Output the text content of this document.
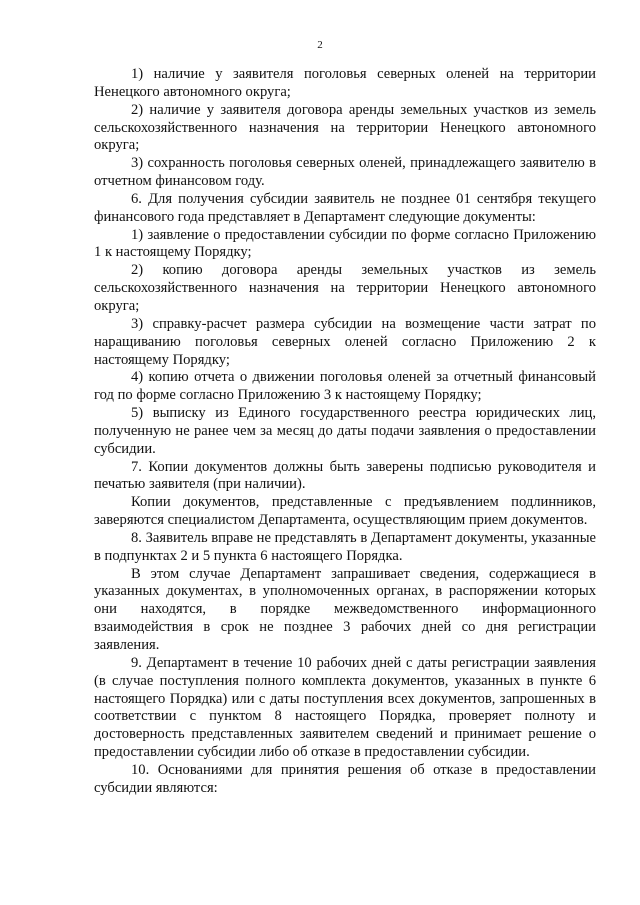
2

1) наличие у заявителя поголовья северных оленей на территории Ненецкого автономного округа;

2) наличие у заявителя договора аренды земельных участков из земель сельскохозяйственного назначения на территории Ненецкого автономного округа;

3) сохранность поголовья северных оленей, принадлежащего заявителю в отчетном финансовом году.

6. Для получения субсидии заявитель не позднее 01 сентября текущего финансового года представляет в Департамент следующие документы:

1) заявление о предоставлении субсидии по форме согласно Приложению 1 к настоящему Порядку;

2) копию договора аренды земельных участков из земель сельскохозяйственного назначения на территории Ненецкого автономного округа;

3) справку-расчет размера субсидии на возмещение части затрат по наращиванию поголовья северных оленей согласно Приложению 2 к настоящему Порядку;

4) копию отчета о движении поголовья оленей за отчетный финансовый год по форме согласно Приложению 3 к настоящему Порядку;

5) выписку из Единого государственного реестра юридических лиц, полученную не ранее чем за месяц до даты подачи заявления о предоставлении субсидии.

7. Копии документов должны быть заверены подписью руководителя и печатью заявителя (при наличии).

Копии документов, представленные с предъявлением подлинников, заверяются специалистом Департамента, осуществляющим прием документов.

8. Заявитель вправе не представлять в Департамент документы, указанные в подпунктах 2 и 5 пункта 6 настоящего Порядка.

В этом случае Департамент запрашивает сведения, содержащиеся в указанных документах, в уполномоченных органах, в распоряжении которых они находятся, в порядке межведомственного информационного взаимодействия в срок не позднее 3 рабочих дней со дня регистрации заявления.

9. Департамент в течение 10 рабочих дней с даты регистрации заявления (в случае поступления полного комплекта документов, указанных в пункте 6 настоящего Порядка) или с даты поступления всех документов, запрошенных в соответствии с пунктом 8 настоящего Порядка, проверяет полноту и достоверность представленных заявителем сведений и принимает решение о предоставлении субсидии либо об отказе в предоставлении субсидии.

10. Основаниями для принятия решения об отказе в предоставлении субсидии являются:
